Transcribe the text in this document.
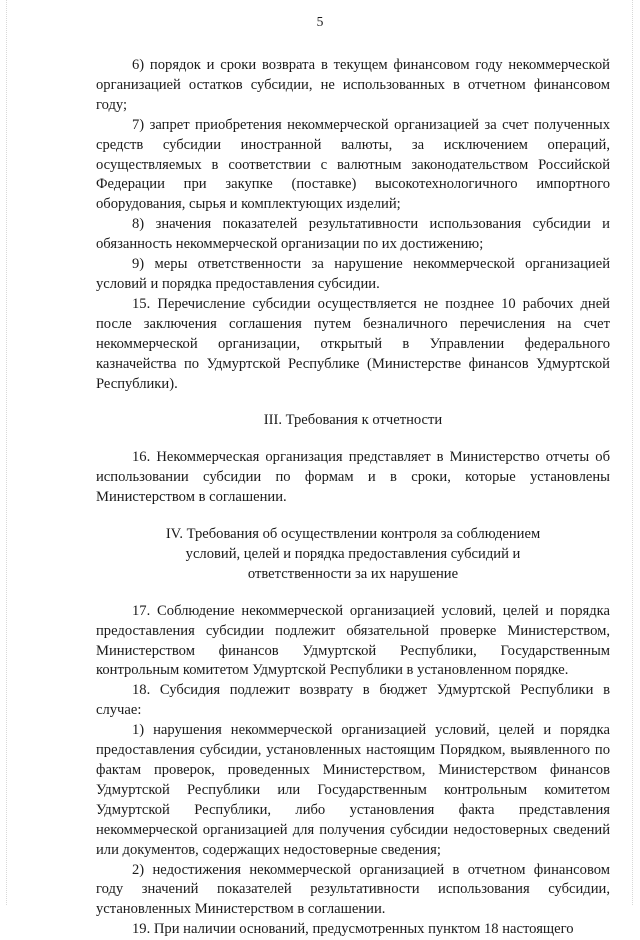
5

6) порядок и сроки возврата в текущем финансовом году некоммерческой организацией остатков субсидии, не использованных в отчетном финансовом году;

7) запрет приобретения некоммерческой организацией за счет полученных средств субсидии иностранной валюты, за исключением операций, осуществляемых в соответствии с валютным законодательством Российской Федерации при закупке (поставке) высокотехнологичного импортного оборудования, сырья и комплектующих изделий;

8) значения показателей результативности использования субсидии и обязанность некоммерческой организации по их достижению;

9) меры ответственности за нарушение некоммерческой организацией условий и порядка предоставления субсидии.

15. Перечисление субсидии осуществляется не позднее 10 рабочих дней после заключения соглашения путем безналичного перечисления на счет некоммерческой организации, открытый в Управлении федерального казначейства по Удмуртской Республике (Министерстве финансов Удмуртской Республики).

III. Требования к отчетности

16. Некоммерческая организация представляет в Министерство отчеты об использовании субсидии по формам и в сроки, которые установлены Министерством в соглашении.

IV. Требования об осуществлении контроля за соблюдением

условий, целей и порядка предоставления субсидий и

ответственности за их нарушение

17. Соблюдение некоммерческой организацией условий, целей и порядка предоставления субсидии подлежит обязательной проверке Министерством, Министерством финансов Удмуртской Республики, Государственным контрольным комитетом Удмуртской Республики в установленном порядке.

18. Субсидия подлежит возврату в бюджет Удмуртской Республики в случае:

1) нарушения некоммерческой организацией условий, целей и порядка предоставления субсидии, установленных настоящим Порядком, выявленного по фактам проверок, проведенных Министерством, Министерством финансов Удмуртской Республики или Государственным контрольным комитетом Удмуртской Республики, либо установления факта представления некоммерческой организацией для получения субсидии недостоверных сведений или документов, содержащих недостоверные сведения;

2) недостижения некоммерческой организацией в отчетном финансовом году значений показателей результативности использования субсидии, установленных Министерством в соглашении.

19. При наличии оснований, предусмотренных пунктом 18 настоящего
